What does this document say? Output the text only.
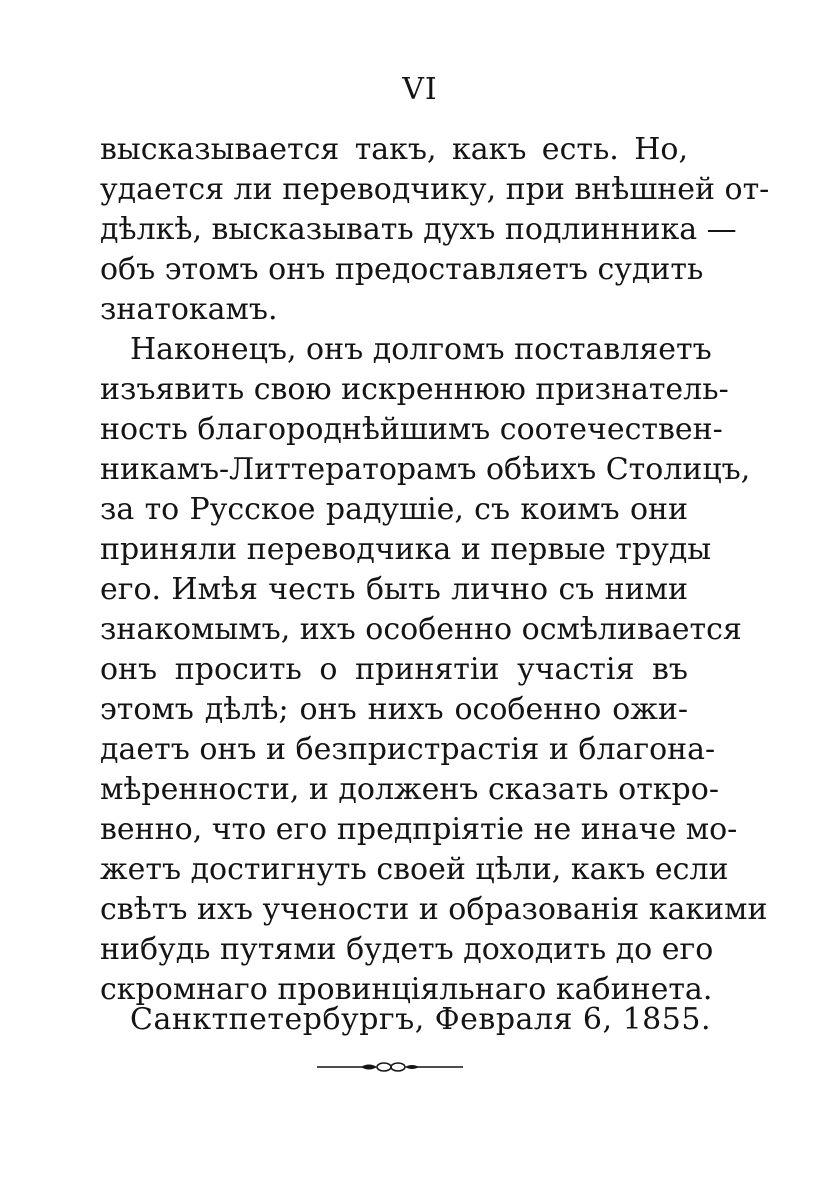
VI
высказывается такъ, какъ есть. Но,
удается ли переводчику, при внѣшней от-
дѣлкѣ, высказывать духъ подлинника —
объ этомъ онъ предоставляетъ судить
знатокамъ.
Наконецъ, онъ долгомъ поставляетъ
изъявить свою искреннюю признатель-
ность благороднѣйшимъ соотечествен-
никамъ-Литтераторамъ обѣихъ Столицъ,
за то Русское радушіе, съ коимъ они
приняли переводчика и первые труды
его. Имѣя честь быть лично съ ними
знакомымъ, ихъ особенно осмѣливается
онъ просить о принятіи участія въ
этомъ дѣлѣ; онъ нихъ особенно ожи-
даетъ онъ и безпристрастія и благона-
мѣренности, и долженъ сказать откро-
венно, что его предпріятіе не иначе мо-
жетъ достигнуть своей цѣли, какъ если
свѣтъ ихъ учености и образованія какими
нибудь путями будетъ доходить до его
скромнаго провинціяльнаго кабинета.
Санктпетербургъ, Февраля 6, 1855.
